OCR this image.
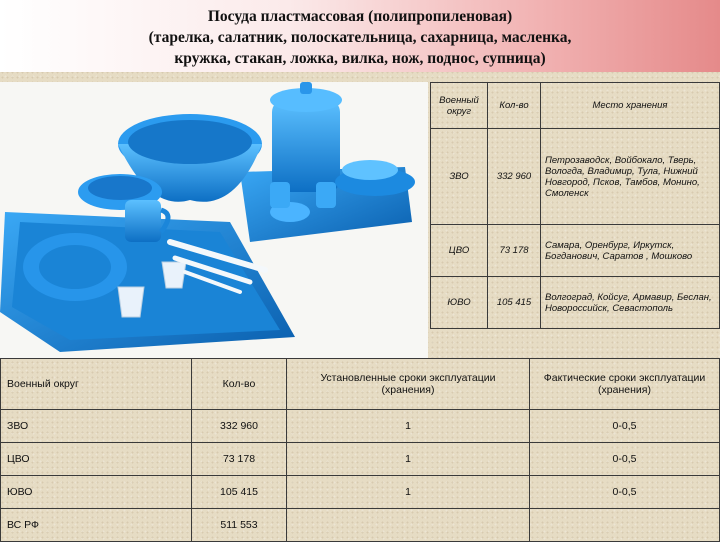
Посуда пластмассовая (полипропиленовая)
(тарелка, салатник, полоскательница, сахарница, масленка,
кружка, стакан, ложка, вилка, нож, поднос, супница)
Военный округ	Кол-во	Место хранения
ЗВО	332 960	Петрозаводск, Войбокало, Тверь, Вологда, Владимир, Тула, Нижний Новгород, Псков, Тамбов, Монино, Смоленск
ЦВО	73 178	Самара, Оренбург, Иркутск, Богданович, Саратов , Мошково
ЮВО	105 415	Волгоград, Койсуг, Армавир, Беслан, Новороссийск, Севастополь
Военный округ	Кол-во	Установленные сроки эксплуатации (хранения)	Фактические сроки эксплуатации (хранения)
ЗВО	332 960	1	0-0,5
ЦВО	73 178	1	0-0,5
ЮВО	105 415	1	0-0,5
ВС РФ	511 553		
